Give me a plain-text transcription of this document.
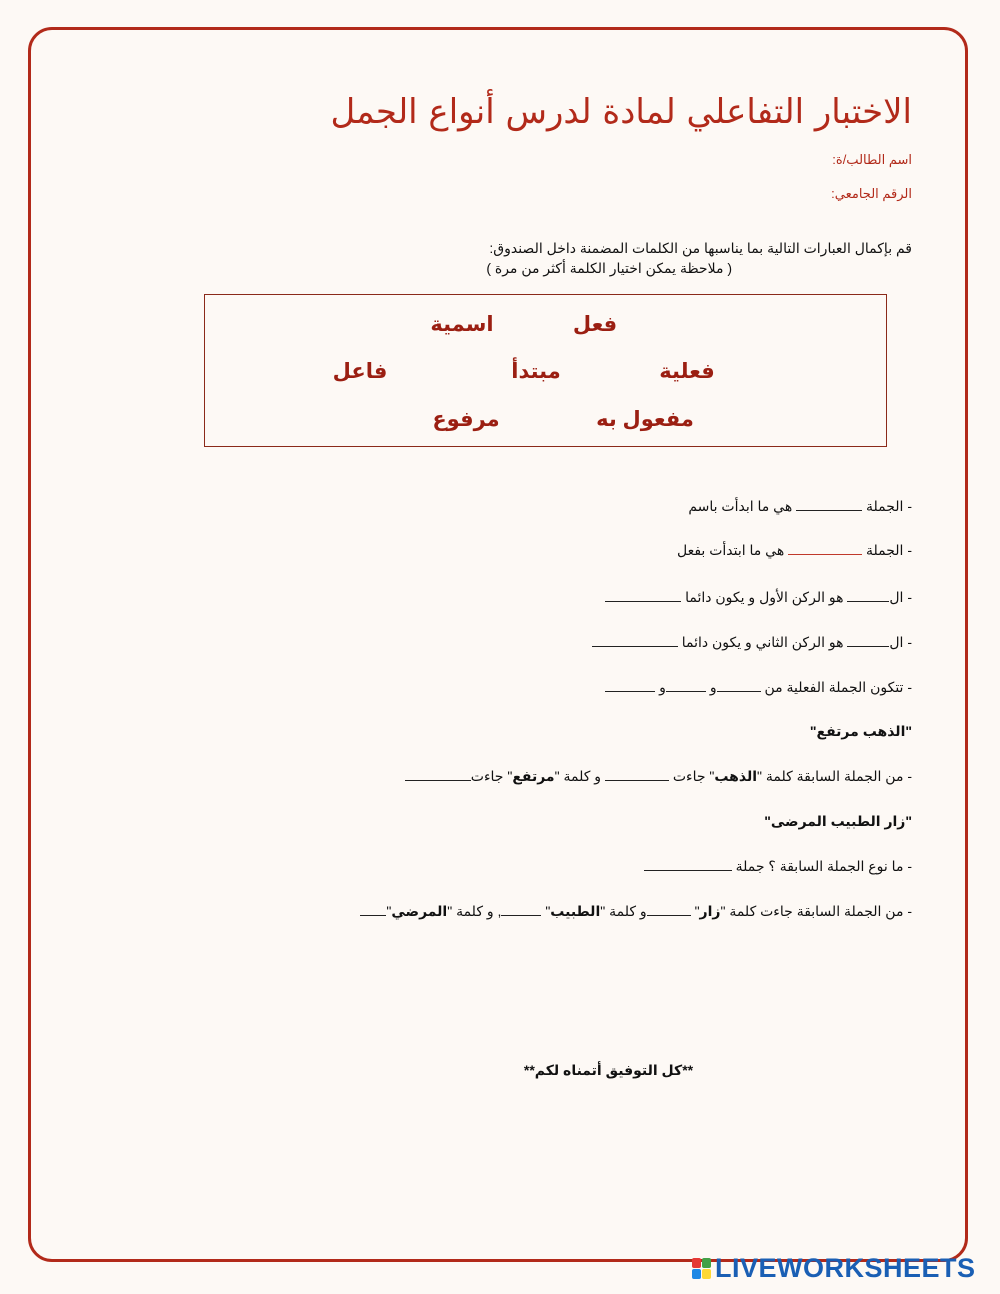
الاختبار التفاعلي لمادة لدرس أنواع الجمل
اسم الطالب/ة:
الرقم الجامعي:
قم بإكمال العبارات التالية بما يناسبها من الكلمات المضمنة داخل الصندوق:
( ملاحظة يمكن اختيار الكلمة أكثر من مرة )
فعل
اسمية
فعلية
مبتدأ
فاعل
مفعول به
مرفوع
- الجملة  هي ما ابدأت باسم
- الجملة  هي ما ابتدأت بفعل
- ال هو الركن الأول و يكون دائما
- ال هو الركن الثاني و يكون دائما
- تتكون الجملة الفعلية من و و
"الذهب مرتفع"
- من الجملة السابقة كلمة "الذهب" جاءت  و كلمة "مرتفع" جاءت
"زار الطبيب المرضى"
- ما نوع الجملة السابقة ؟ جملة
- من الجملة السابقة جاءت كلمة "زار" و كلمة "الطبيب" , و كلمة "المرضي"
**كل التوفيق أتمناه لكم**
LIVEWORKSHEETS
